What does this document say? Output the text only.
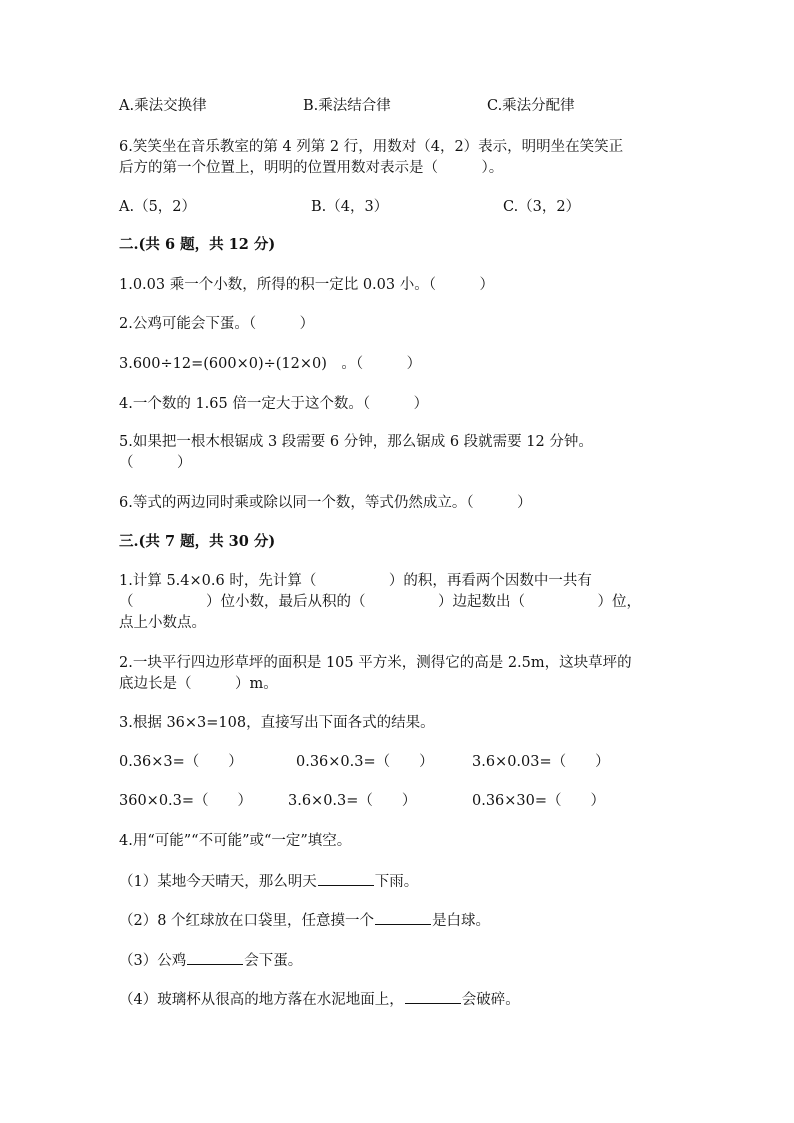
A.乘法交换律	B.乘法结合律	C.乘法分配律
6.笑笑坐在音乐教室的第 4 列第 2 行，用数对（4，2）表示，明明坐在笑笑正
后方的第一个位置上，明明的位置用数对表示是（　　　）。
A.（5，2）	B.（4，3）	C.（3，2）
二.(共 6 题，共 12 分)
1.0.03 乘一个小数，所得的积一定比 0.03 小。（　　　）
2.公鸡可能会下蛋。（　　　）
3.600÷12=(600×0)÷(12×0)　。（　　　）
4.一个数的 1.65 倍一定大于这个数。（　　　）
5.如果把一根木根锯成 3 段需要 6 分钟，那么锯成 6 段就需要 12 分钟。
（　　　）
6.等式的两边同时乘或除以同一个数，等式仍然成立。（　　　）
三.(共 7 题，共 30 分)
1.计算 5.4×0.6 时，先计算（　　　　　）的积，再看两个因数中一共有
（　　　　　）位小数，最后从积的（　　　　　）边起数出（　　　　　）位，
点上小数点。
2.一块平行四边形草坪的面积是 105 平方米，测得它的高是 2.5m，这块草坪的
底边长是（　　　）m。
3.根据 36×3=108，直接写出下面各式的结果。
0.36×3=（　　）	0.36×0.3=（　　）	3.6×0.03=（　　）
360×0.3=（　　） 3.6×0.3=（　　）	0.36×30=（　　）
4.用“可能”“不可能”或“一定”填空。
（1）某地今天晴天，那么明天	下雨。
（2）8 个红球放在口袋里，任意摸一个	是白球。
（3）公鸡	会下蛋。
（4）玻璃杯从很高的地方落在水泥地面上，	会破碎。
